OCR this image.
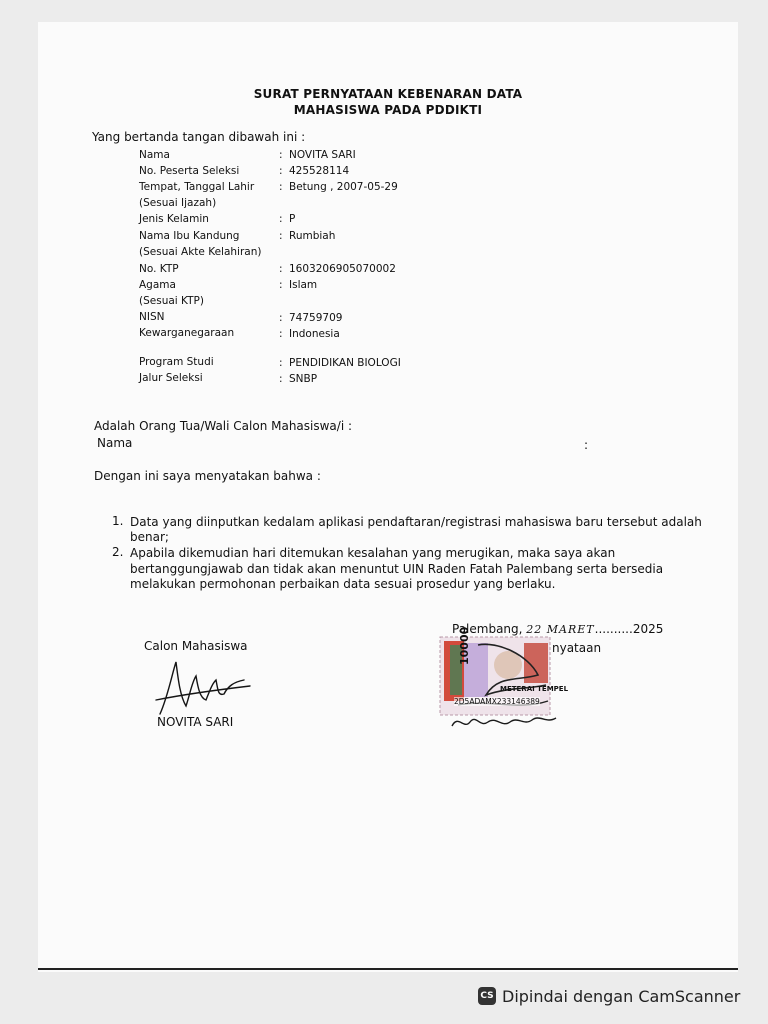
SURAT PERNYATAAN KEBENARAN DATA
MAHASISWA PADA PDDIKTI
Yang bertanda tangan dibawah ini :
Nama	: NOVITA SARI
No. Peserta Seleksi	: 425528114
Tempat, Tanggal Lahir : Betung , 2007-05-29
(Sesuai Ijazah)
Jenis Kelamin	: P
Nama Ibu Kandung	: Rumbiah
(Sesuai Akte Kelahiran)
No. KTP	: 1603206905070002
Agama	: Islam
(Sesuai KTP)
NISN	: 74759709
Kewarganegaraan	: Indonesia
Program Studi	: PENDIDIKAN BIOLOGI
Jalur Seleksi	: SNBP
Adalah Orang Tua/Wali Calon Mahasiswa/i :
Nama	:
Dengan ini saya menyatakan bahwa :
1. Data yang diinputkan kedalam aplikasi pendaftaran/registrasi mahasiswa baru tersebut adalah
benar;
2. Apabila dikemudian hari ditemukan kesalahan yang merugikan, maka saya akan
bertanggungjawab dan tidak akan menuntut UIN Raden Fatah Palembang serta bersedia
melakukan permohonan perbaikan data sesuai prosedur yang berlaku.
Palembang, 22 MARET..........2025
Calon Mahasiswa
NOVITA SARI
nyataan
10000
METERAI TEMPEL
2D5ADAMX233146389
CS Dipindai dengan CamScanner
